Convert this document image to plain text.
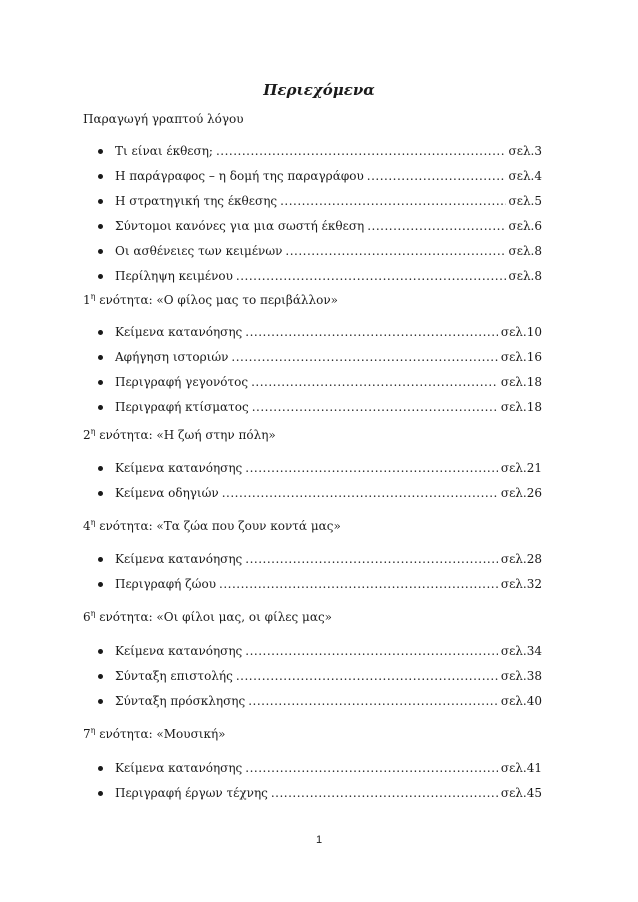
Περιεχόμενα
Παραγωγή γραπτού λόγου
Τι είναι έκθεση; .....	σελ.3
Η παράγραφος – η δομή της παραγράφου .....	σελ.4
Η στρατηγική της έκθεσης .....	σελ.5
Σύντομοι κανόνες για μια σωστή έκθεση .....	σελ.6
Οι ασθένειες των κειμένων .....	σελ.8
Περίληψη κειμένου .....	σελ.8
$1^\eta$ ενότητα: «Ο φίλος μας το περιβάλλον»
Κείμενα κατανόησης .....	σελ.10
Αφήγηση ιστοριών .....	σελ.16
Περιγραφή γεγονότος .....	σελ.18
Περιγραφή κτίσματος .....	σελ.18
$2^\eta$ ενότητα: «Η ζωή στην πόλη»
Κείμενα κατανόησης .....	σελ.21
Κείμενα οδηγιών .....	σελ.26
$4^\eta$ ενότητα: «Τα ζώα που ζουν κοντά μας»
Κείμενα κατανόησης .....	σελ.28
Περιγραφή ζώου .....	σελ.32
$6^\eta$ ενότητα: «Οι φίλοι μας, οι φίλες μας»
Κείμενα κατανόησης .....	σελ.34
Σύνταξη επιστολής .....	σελ.38
Σύνταξη πρόσκλησης .....	σελ.40
$7^\eta$ ενότητα: «Μουσική»
Κείμενα κατανόησης .....	σελ.41
Περιγραφή έργων τέχνης .....	σελ.45
1
